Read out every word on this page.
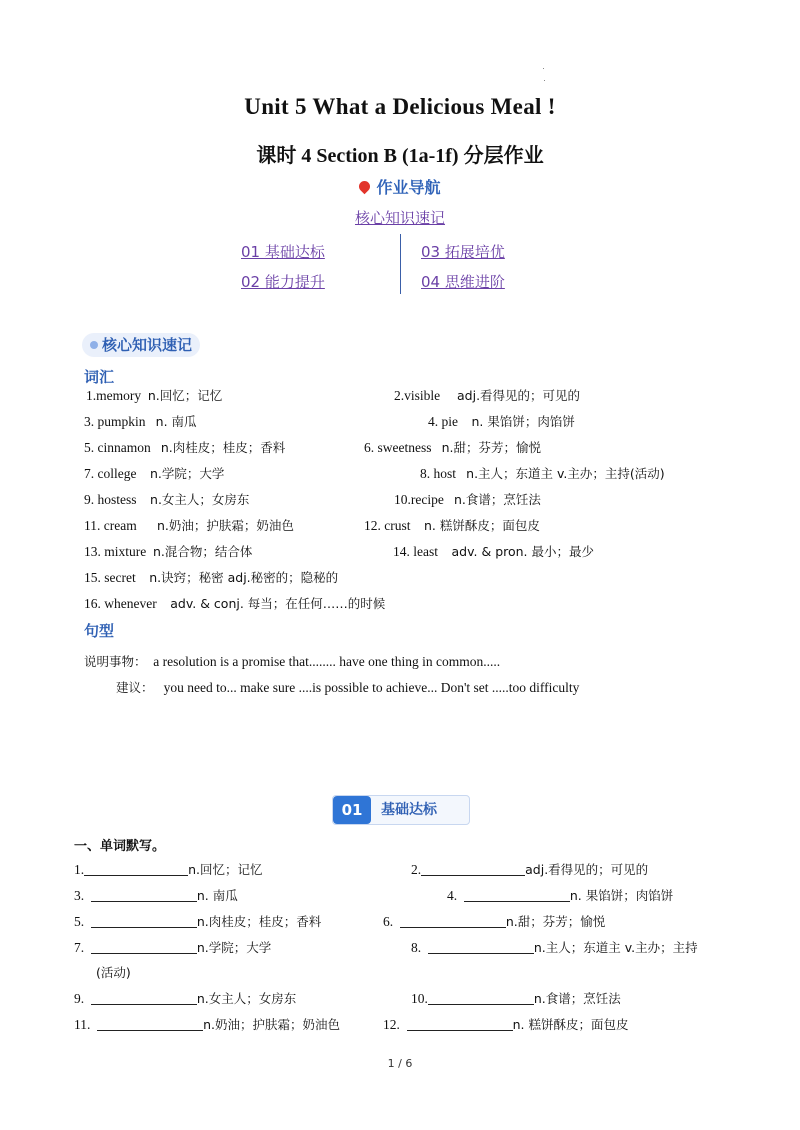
Unit 5 What a Delicious Meal !
课时 4 Section B (1a-1f) 分层作业
作业导航
核心知识速记
01 基础达标	03 拓展培优
02 能力提升	04 思维进阶
核心知识速记
词汇
1.memory n.回忆；记忆	2.visible adj.看得见的；可见的
3. pumpkin n. 南瓜	4. pie n. 果馅饼；肉馅饼
5. cinnamon n.肉桂皮；桂皮；香料	6. sweetness n.甜；芬芳；愉悦
7. college n.学院；大学	8. host n.主人；东道主 v.主办；主持(活动)
9. hostess n.女主人；女房东	10.recipe n.食谱；烹饪法
11. cream n.奶油；护肤霜；奶油色	12. crust n. 糕饼酥皮；面包皮
13. mixture n.混合物；结合体	14. least adv. & pron. 最小；最少
15. secret n.诀窍；秘密 adj.秘密的；隐秘的
16. whenever adv. & conj. 每当；在任何……的时候
句型
说明事物： a resolution is a promise that........ have one thing in common.....
建议： you need to... make sure ....is possible to achieve... Don't set .....too difficulty
01	基础达标
一、单词默写。
1.	n.回忆；记忆	2.	adj.看得见的；可见的
3.	n. 南瓜	4.	n. 果馅饼；肉馅饼
5.	n.肉桂皮；桂皮；香料	6.	n.甜；芬芳；愉悦
7.	n.学院；大学	8.	n.主人；东道主 v.主办；主持
(活动)
9.	n.女主人；女房东	10.	n.食谱；烹饪法
11.	n.奶油；护肤霜；奶油色	12.	n. 糕饼酥皮；面包皮
1 / 6
